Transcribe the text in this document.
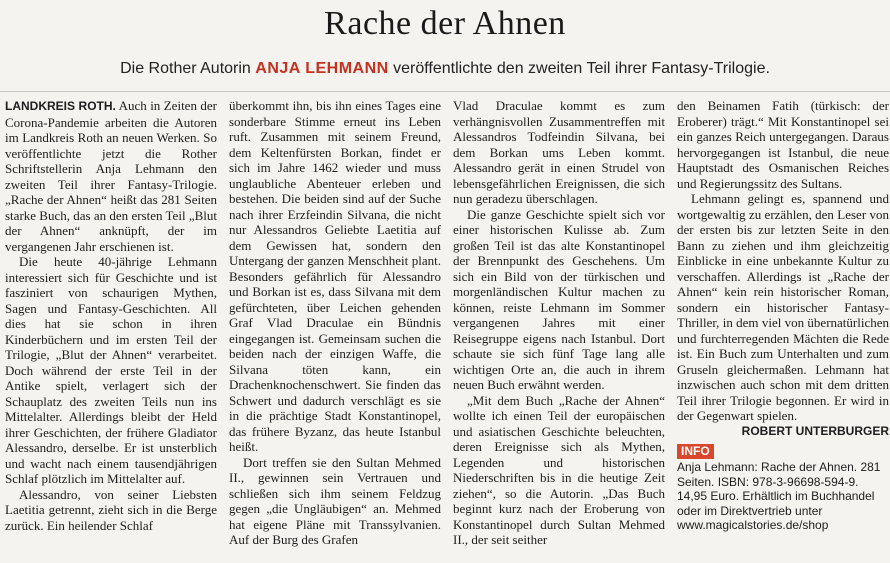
Rache der Ahnen
Die Rother Autorin ANJA LEHMANN veröffentlichte den zweiten Teil ihrer Fantasy-Trilogie.

LANDKREIS ROTH. Auch in Zeiten der Corona-Pandemie arbeiten die Autoren im Landkreis Roth an neuen Werken. So veröffentlichte jetzt die Rother Schriftstellerin Anja Lehmann den zweiten Teil ihrer Fantasy-Trilogie. „Rache der Ahnen“ heißt das 281 Seiten starke Buch, das an den ersten Teil „Blut der Ahnen“ anknüpft, der im vergangenen Jahr erschienen ist.

Die heute 40-jährige Lehmann interessiert sich für Geschichte und ist fasziniert von schaurigen Mythen, Sagen und Fantasy-Geschichten. All dies hat sie schon in ihren Kinderbüchern und im ersten Teil der Trilogie, „Blut der Ahnen“ verarbeitet. Doch während der erste Teil in der Antike spielt, verlagert sich der Schauplatz des zweiten Teils nun ins Mittelalter. Allerdings bleibt der Held ihrer Geschichten, der frühere Gladiator Alessandro, derselbe. Er ist unsterblich und wacht nach einem tausendjährigen Schlaf plötzlich im Mittelalter auf.

Alessandro, von seiner Liebsten Laetitia getrennt, zieht sich in die Berge zurück. Ein heilender Schlaf

überkommt ihn, bis ihn eines Tages eine sonderbare Stimme erneut ins Leben ruft. Zusammen mit seinem Freund, dem Keltenfürsten Borkan, findet er sich im Jahre 1462 wieder und muss unglaubliche Abenteuer erleben und bestehen. Die beiden sind auf der Suche nach ihrer Erzfeindin Silvana, die nicht nur Alessandros Geliebte Laetitia auf dem Gewissen hat, sondern den Untergang der ganzen Menschheit plant. Besonders gefährlich für Alessandro und Borkan ist es, dass Silvana mit dem gefürchteten, über Leichen gehenden Graf Vlad Draculae ein Bündnis eingegangen ist. Gemeinsam suchen die beiden nach der einzigen Waffe, die Silvana töten kann, ein Drachenknochenschwert. Sie finden das Schwert und dadurch verschlägt es sie in die prächtige Stadt Konstantinopel, das frühere Byzanz, das heute Istanbul heißt.

Dort treffen sie den Sultan Mehmed II., gewinnen sein Vertrauen und schließen sich ihm seinem Feldzug gegen „die Ungläubigen“ an. Mehmed hat eigene Pläne mit Transsylvanien. Auf der Burg des Grafen

Vlad Draculae kommt es zum verhängnisvollen Zusammentreffen mit Alessandros Todfeindin Silvana, bei dem Borkan ums Leben kommt. Alessandro gerät in einen Strudel von lebensgefährlichen Ereignissen, die sich nun geradezu überschlagen.

Die ganze Geschichte spielt sich vor einer historischen Kulisse ab. Zum großen Teil ist das alte Konstantinopel der Brennpunkt des Geschehens. Um sich ein Bild von der türkischen und morgenländischen Kultur machen zu können, reiste Lehmann im Sommer vergangenen Jahres mit einer Reisegruppe eigens nach Istanbul. Dort schaute sie sich fünf Tage lang alle wichtigen Orte an, die auch in ihrem neuen Buch erwähnt werden.

„Mit dem Buch „Rache der Ahnen“ wollte ich einen Teil der europäischen und asiatischen Geschichte beleuchten, deren Ereignisse sich als Mythen, Legenden und historischen Niederschriften bis in die heutige Zeit ziehen“, so die Autorin. „Das Buch beginnt kurz nach der Eroberung von Konstantinopel durch Sultan Mehmed II., der seit seither

den Beinamen Fatih (türkisch: der Eroberer) trägt.“ Mit Konstantinopel sei ein ganzes Reich untergegangen. Daraus hervorgegangen ist Istanbul, die neue Hauptstadt des Osmanischen Reiches und Regierungssitz des Sultans.

Lehmann gelingt es, spannend und wortgewaltig zu erzählen, den Leser von der ersten bis zur letzten Seite in den Bann zu ziehen und ihm gleichzeitig Einblicke in eine unbekannte Kultur zu verschaffen. Allerdings ist „Rache der Ahnen“ kein rein historischer Roman, sondern ein historischer Fantasy-Thriller, in dem viel von übernatürlichen und furchterregenden Mächten die Rede ist. Ein Buch zum Unterhalten und zum Gruseln gleichermaßen. Lehmann hat inzwischen auch schon mit dem dritten Teil ihrer Trilogie begonnen. Er wird in der Gegenwart spielen.

ROBERT UNTERBURGER
INFO
Anja Lehmann: Rache der Ahnen. 281 Seiten. ISBN: 978-3-96698-594-9. 14,95 Euro. Erhältlich im Buchhandel oder im Direktvertrieb unter www.magicalstories.de/shop
